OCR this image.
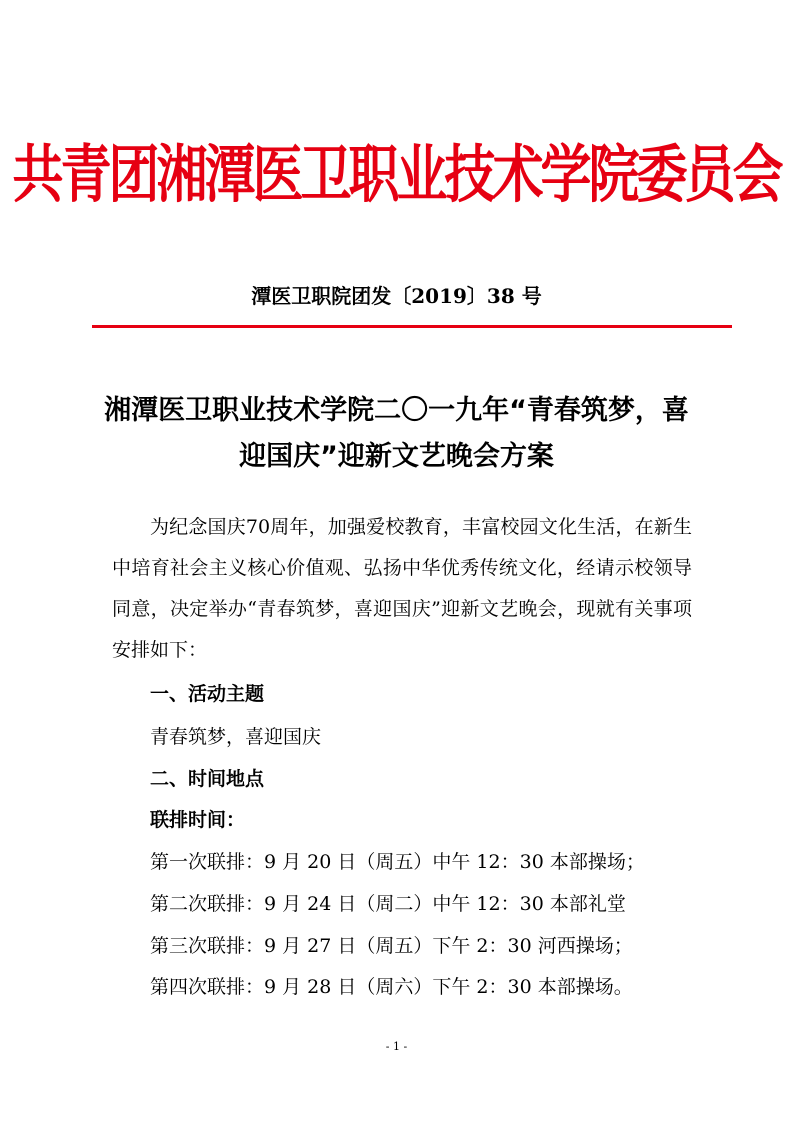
共青团湘潭医卫职业技术学院委员会
潭医卫职院团发〔2019〕38 号
湘潭医卫职业技术学院二〇一九年“青春筑梦，喜迎国庆”迎新文艺晚会方案
为纪念国庆70周年，加强爱校教育，丰富校园文化生活，在新生中培育社会主义核心价值观、弘扬中华优秀传统文化，经请示校领导同意，决定举办“青春筑梦，喜迎国庆”迎新文艺晚会，现就有关事项安排如下：
一、活动主题
青春筑梦，喜迎国庆
二、时间地点
联排时间：
第一次联排：9 月 20 日（周五）中午 12：30 本部操场；
第二次联排：9 月 24 日（周二）中午 12：30 本部礼堂
第三次联排：9 月 27 日（周五）下午 2：30 河西操场；
第四次联排：9 月 28 日（周六）下午 2：30 本部操场。
- 1 -
